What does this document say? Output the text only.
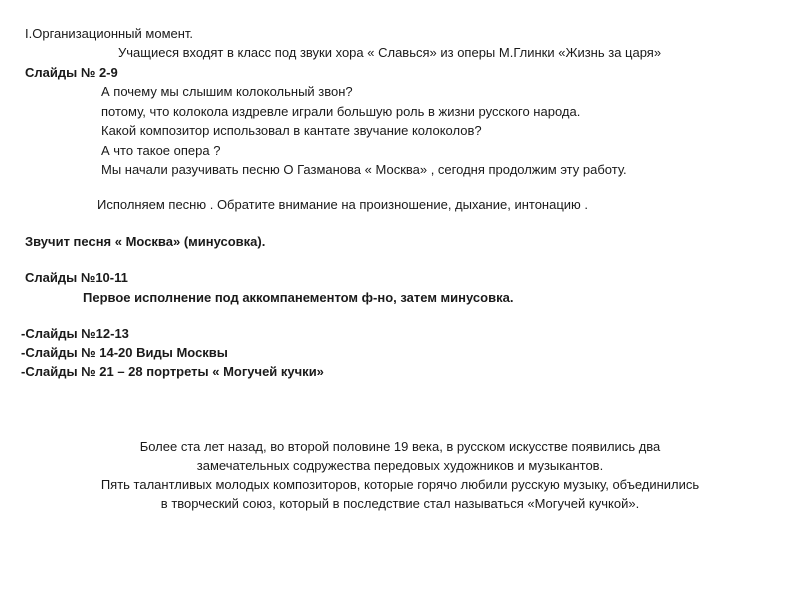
I.Организационный момент.
Учащиеся входят в класс под звуки хора « Славься» из оперы М.Глинки «Жизнь за царя»
Слайды № 2-9
А почему мы слышим колокольный звон?
потому, что колокола издревле играли большую роль в жизни русского народа.
Какой композитор использовал в кантате звучание колоколов?
А что такое опера ?
Мы начали разучивать песню О Газманова « Москва» , сегодня продолжим эту работу.
Исполняем песню . Обратите внимание на произношение, дыхание, интонацию .
Звучит песня « Москва» (минусовка).
Слайды №10-11
Первое исполнение под аккомпанементом ф-но, затем минусовка.
-Слайды №12-13
-Слайды № 14-20 Виды Москвы
-Слайды № 21 – 28 портреты « Могучей кучки»
Более ста лет назад, во второй половине 19 века, в русском искусстве появились два
замечательных содружества передовых художников и музыкантов.
Пять талантливых молодых композиторов, которые горячо любили русскую музыку, объединились
в творческий союз, который в последствие стал называться «Могучей кучкой».
